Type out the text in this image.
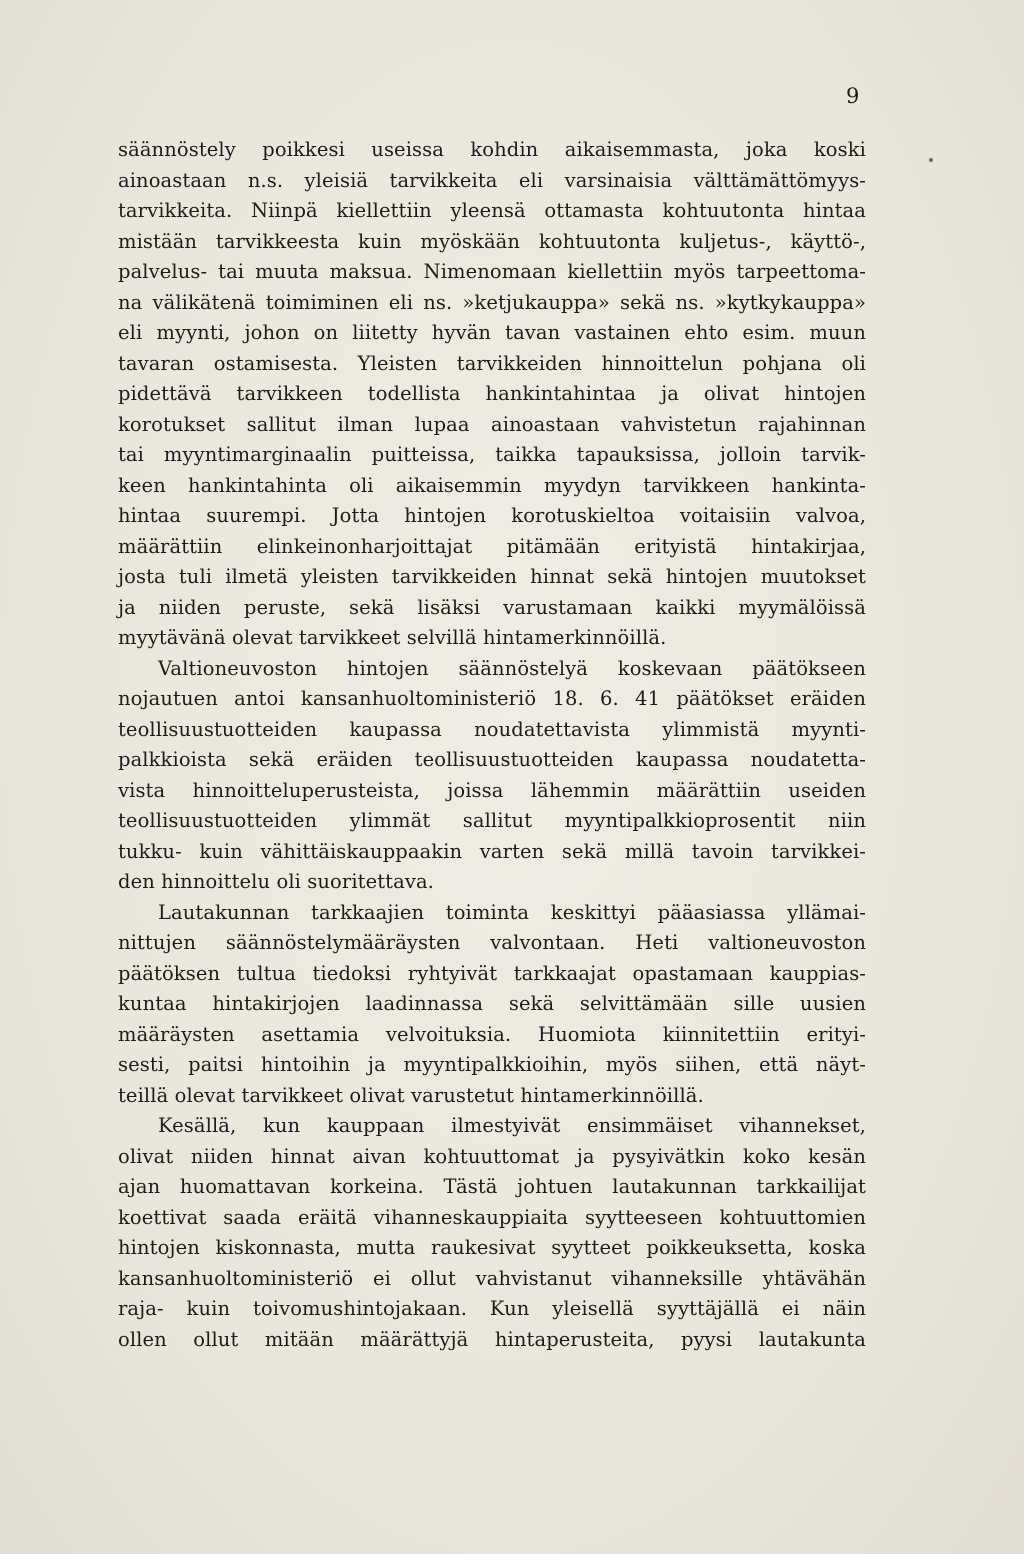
9
säännöstely poikkesi useissa kohdin aikaisemmasta, joka koski
ainoastaan n.s. yleisiä tarvikkeita eli varsinaisia välttämättömyys-
tarvikkeita. Niinpä kiellettiin yleensä ottamasta kohtuutonta hintaa
mistään tarvikkeesta kuin myöskään kohtuutonta kuljetus-, käyttö-,
palvelus- tai muuta maksua. Nimenomaan kiellettiin myös tarpeettoma-
na välikätenä toimiminen eli ns. »ketjukauppa» sekä ns. »kytkykauppa»
eli myynti, johon on liitetty hyvän tavan vastainen ehto esim. muun
tavaran ostamisesta. Yleisten tarvikkeiden hinnoittelun pohjana oli
pidettävä tarvikkeen todellista hankintahintaa ja olivat hintojen
korotukset sallitut ilman lupaa ainoastaan vahvistetun rajahinnan
tai myyntimarginaalin puitteissa, taikka tapauksissa, jolloin tarvik-
keen hankintahinta oli aikaisemmin myydyn tarvikkeen hankinta-
hintaa suurempi. Jotta hintojen korotuskieltoa voitaisiin valvoa,
määrättiin elinkeinonharjoittajat pitämään erityistä hintakirjaa,
josta tuli ilmetä yleisten tarvikkeiden hinnat sekä hintojen muutokset
ja niiden peruste, sekä lisäksi varustamaan kaikki myymälöissä
myytävänä olevat tarvikkeet selvillä hintamerkinnöillä.
Valtioneuvoston hintojen säännöstelyä koskevaan päätökseen
nojautuen antoi kansanhuoltoministeriö 18. 6. 41 päätökset eräiden
teollisuustuotteiden kaupassa noudatettavista ylimmistä myynti-
palkkioista sekä eräiden teollisuustuotteiden kaupassa noudatetta-
vista hinnoitteluperusteista, joissa lähemmin määrättiin useiden
teollisuustuotteiden ylimmät sallitut myyntipalkkioprosentit niin
tukku- kuin vähittäiskauppaakin varten sekä millä tavoin tarvikkei-
den hinnoittelu oli suoritettava.
Lautakunnan tarkkaajien toiminta keskittyi pääasiassa yllämai-
nittujen säännöstelymääräysten valvontaan. Heti valtioneuvoston
päätöksen tultua tiedoksi ryhtyivät tarkkaajat opastamaan kauppias-
kuntaa hintakirjojen laadinnassa sekä selvittämään sille uusien
määräysten asettamia velvoituksia. Huomiota kiinnitettiin erityi-
sesti, paitsi hintoihin ja myyntipalkkioihin, myös siihen, että näyt-
teillä olevat tarvikkeet olivat varustetut hintamerkinnöillä.
Kesällä, kun kauppaan ilmestyivät ensimmäiset vihannekset,
olivat niiden hinnat aivan kohtuuttomat ja pysyivätkin koko kesän
ajan huomattavan korkeina. Tästä johtuen lautakunnan tarkkailijat
koettivat saada eräitä vihanneskauppiaita syytteeseen kohtuuttomien
hintojen kiskonnasta, mutta raukesivat syytteet poikkeuksetta, koska
kansanhuoltoministeriö ei ollut vahvistanut vihanneksille yhtävähän
raja- kuin toivomushintojakaan. Kun yleisellä syyttäjällä ei näin
ollen ollut mitään määrättyjä hintaperusteita, pyysi lautakunta
